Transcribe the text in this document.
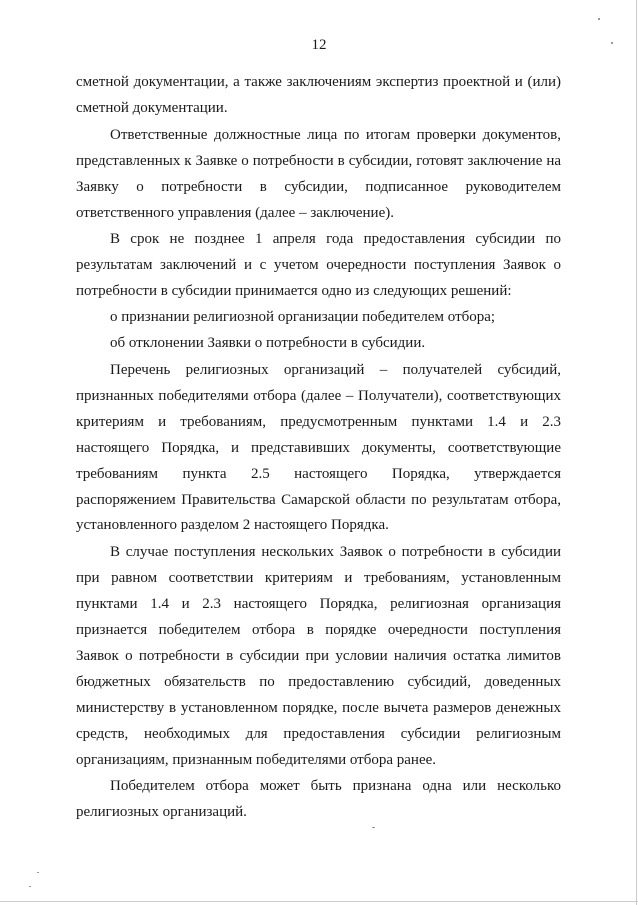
12

сметной документации, а также заключениям экспертиз проектной и (или) сметной документации.

Ответственные должностные лица по итогам проверки документов, представленных к Заявке о потребности в субсидии, готовят заключение на Заявку о потребности в субсидии, подписанное руководителем ответственного управления (далее – заключение).

В срок не позднее 1 апреля года предоставления субсидии по результатам заключений и с учетом очередности поступления Заявок о потребности в субсидии принимается одно из следующих решений:

о признании религиозной организации победителем отбора;

об отклонении Заявки о потребности в субсидии.

Перечень религиозных организаций – получателей субсидий, признанных победителями отбора (далее – Получатели), соответствующих критериям и требованиям, предусмотренным пунктами 1.4 и 2.3 настоящего Порядка, и представивших документы, соответствующие требованиям пункта 2.5 настоящего Порядка, утверждается распоряжением Правительства Самарской области по результатам отбора, установленного разделом 2 настоящего Порядка.

В случае поступления нескольких Заявок о потребности в субсидии при равном соответствии критериям и требованиям, установленным пунктами 1.4 и 2.3 настоящего Порядка, религиозная организация признается победителем отбора в порядке очередности поступления Заявок о потребности в субсидии при условии наличия остатка лимитов бюджетных обязательств по предоставлению субсидий, доведенных министерству в установленном порядке, после вычета размеров денежных средств, необходимых для предоставления субсидии религиозным организациям, признанным победителями отбора ранее.

Победителем отбора может быть признана одна или несколько религиозных организаций.
